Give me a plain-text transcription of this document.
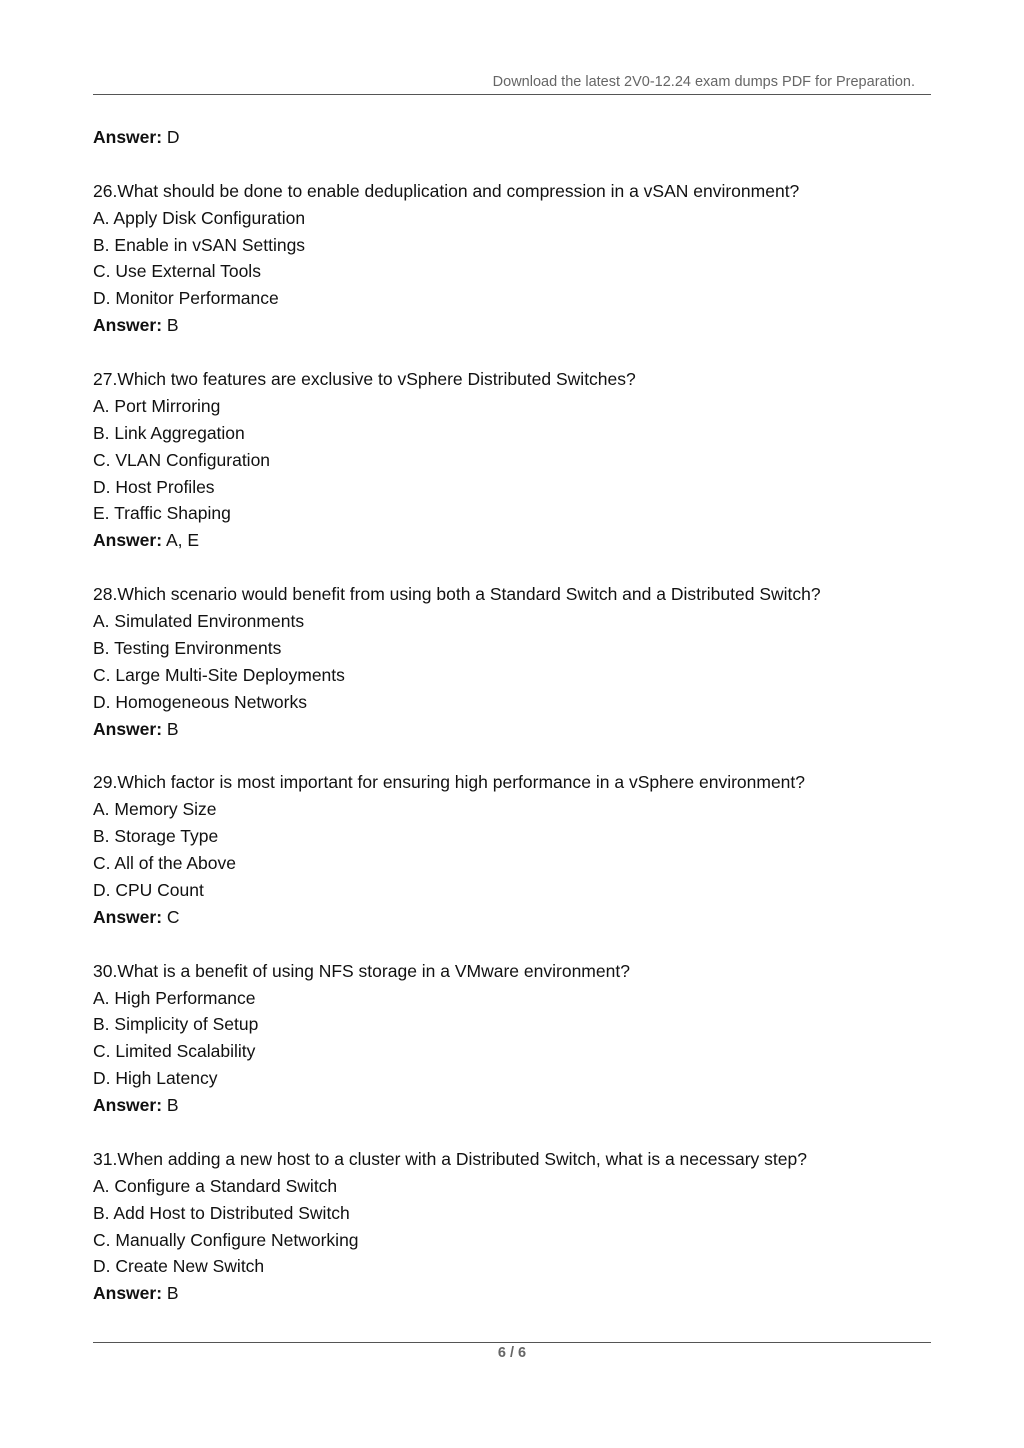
Download the latest 2V0-12.24 exam dumps PDF for Preparation.
Answer: D
26.What should be done to enable deduplication and compression in a vSAN environment?
A. Apply Disk Configuration
B. Enable in vSAN Settings
C. Use External Tools
D. Monitor Performance
Answer: B
27.Which two features are exclusive to vSphere Distributed Switches?
A. Port Mirroring
B. Link Aggregation
C. VLAN Configuration
D. Host Profiles
E. Traffic Shaping
Answer: A, E
28.Which scenario would benefit from using both a Standard Switch and a Distributed Switch?
A. Simulated Environments
B. Testing Environments
C. Large Multi-Site Deployments
D. Homogeneous Networks
Answer: B
29.Which factor is most important for ensuring high performance in a vSphere environment?
A. Memory Size
B. Storage Type
C. All of the Above
D. CPU Count
Answer: C
30.What is a benefit of using NFS storage in a VMware environment?
A. High Performance
B. Simplicity of Setup
C. Limited Scalability
D. High Latency
Answer: B
31.When adding a new host to a cluster with a Distributed Switch, what is a necessary step?
A. Configure a Standard Switch
B. Add Host to Distributed Switch
C. Manually Configure Networking
D. Create New Switch
Answer: B
6 / 6
